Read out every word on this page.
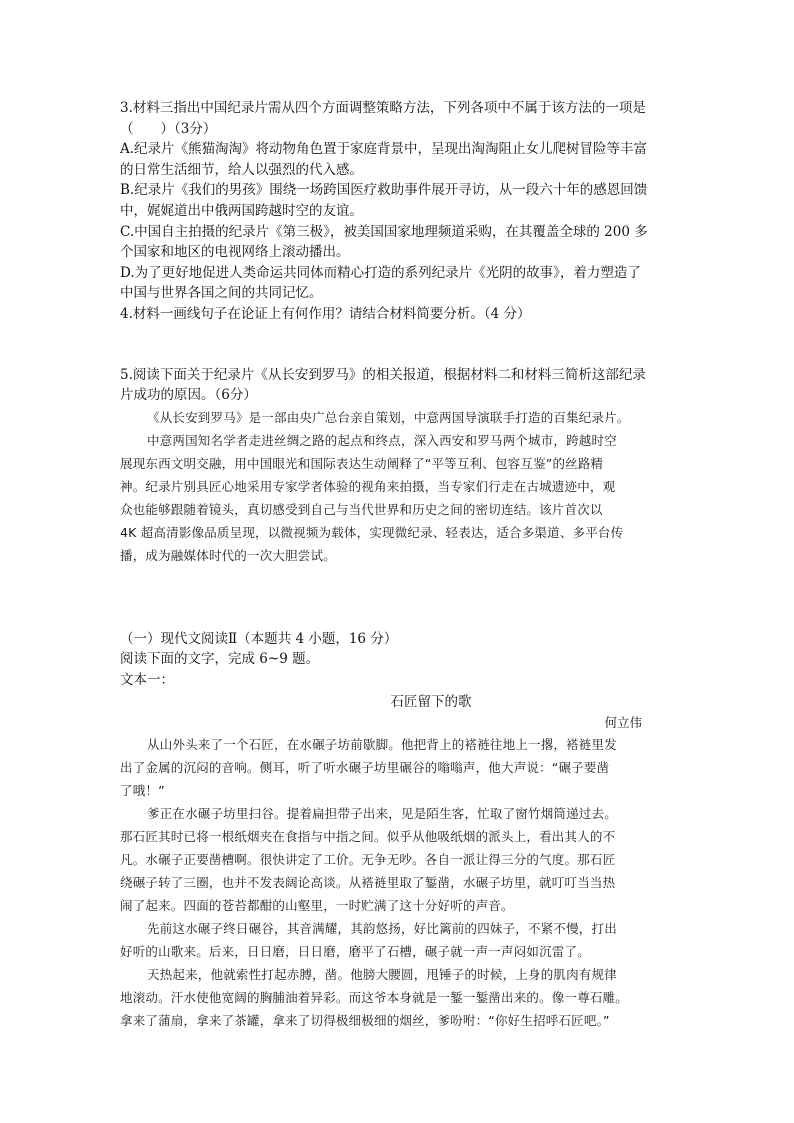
3.材料三指出中国纪录片需从四个方面调整策略方法，下列各项中不属于该方法的一项是

（　　）（3分）

A.纪录片《熊猫淘淘》将动物角色置于家庭背景中，呈现出淘淘阻止女儿爬树冒险等丰富

的日常生活细节，给人以强烈的代入感。

B.纪录片《我们的男孩》围绕一场跨国医疗救助事件展开寻访，从一段六十年的感恩回馈

中，娓娓道出中俄两国跨越时空的友谊。

C.中国自主拍摄的纪录片《第三极》，被美国国家地理频道采购，在其覆盖全球的 200 多

个国家和地区的电视网络上滚动播出。

D.为了更好地促进人类命运共同体而精心打造的系列纪录片《光阴的故事》，着力塑造了

中国与世界各国之间的共同记忆。

4.材料一画线句子在论证上有何作用？请结合材料简要分析。（4 分）

5.阅读下面关于纪录片《从长安到罗马》的相关报道，根据材料二和材料三简析这部纪录

片成功的原因。（6分）

《从长安到罗马》是一部由央广总台亲自策划，中意两国导演联手打造的百集纪录片。

中意两国知名学者走进丝绸之路的起点和终点，深入西安和罗马两个城市，跨越时空

展现东西文明交融，用中国眼光和国际表达生动阐释了“平等互利、包容互鉴”的丝路精

神。纪录片别具匠心地采用专家学者体验的视角来拍摄，当专家们行走在古城遗迹中，观

众也能够跟随着镜头，真切感受到自己与当代世界和历史之间的密切连结。该片首次以

4K 超高清影像品质呈现，以微视频为载体，实现微纪录、轻表达，适合多渠道、多平台传

播，成为融媒体时代的一次大胆尝试。

（一）现代文阅读Ⅱ（本题共 4 小题，16 分）

阅读下面的文字，完成 6~9 题。

文本一：

石匠留下的歌

何立伟

从山外头来了一个石匠，在水碾子坊前歇脚。他把背上的褡裢往地上一撂，褡裢里发

出了金属的沉闷的音响。侧耳，听了听水碾子坊里碾谷的嗡嗡声，他大声说：“碾子要凿

了哦！”

爹正在水碾子坊里扫谷。提着扁担带子出来，见是陌生客，忙取了窗竹烟筒递过去。

那石匠其时已将一根纸烟夹在食指与中指之间。似乎从他吸纸烟的派头上，看出其人的不

凡。水碾子正要凿槽啊。很快讲定了工价。无争无吵。各自一派让得三分的气度。那石匠

绕碾子转了三圈，也并不发表阔论高谈。从褡裢里取了錾凿，水碾子坊里，就叮叮当当热

闹了起来。四面的苍苔都酣的山壑里，一时贮满了这十分好听的声音。

先前这水碾子终日碾谷，其音满耀，其韵悠扬，好比篱前的四妹子，不紧不慢，打出

好听的山歌来。后来，日日磨，日日磨，磨平了石槽，碾子就一声一声闷如沉雷了。

天热起来，他就索性打起赤膊，凿。他膀大腰圆，甩锤子的时候，上身的肌肉有规律

地滚动。汗水使他宽阔的胸脯油着异彩。而这爷本身就是一錾一錾凿出来的。像一尊石雕。

拿来了蒲扇，拿来了茶罐，拿来了切得极细极细的烟丝，爹吩咐：“你好生招呼石匠吧。”
